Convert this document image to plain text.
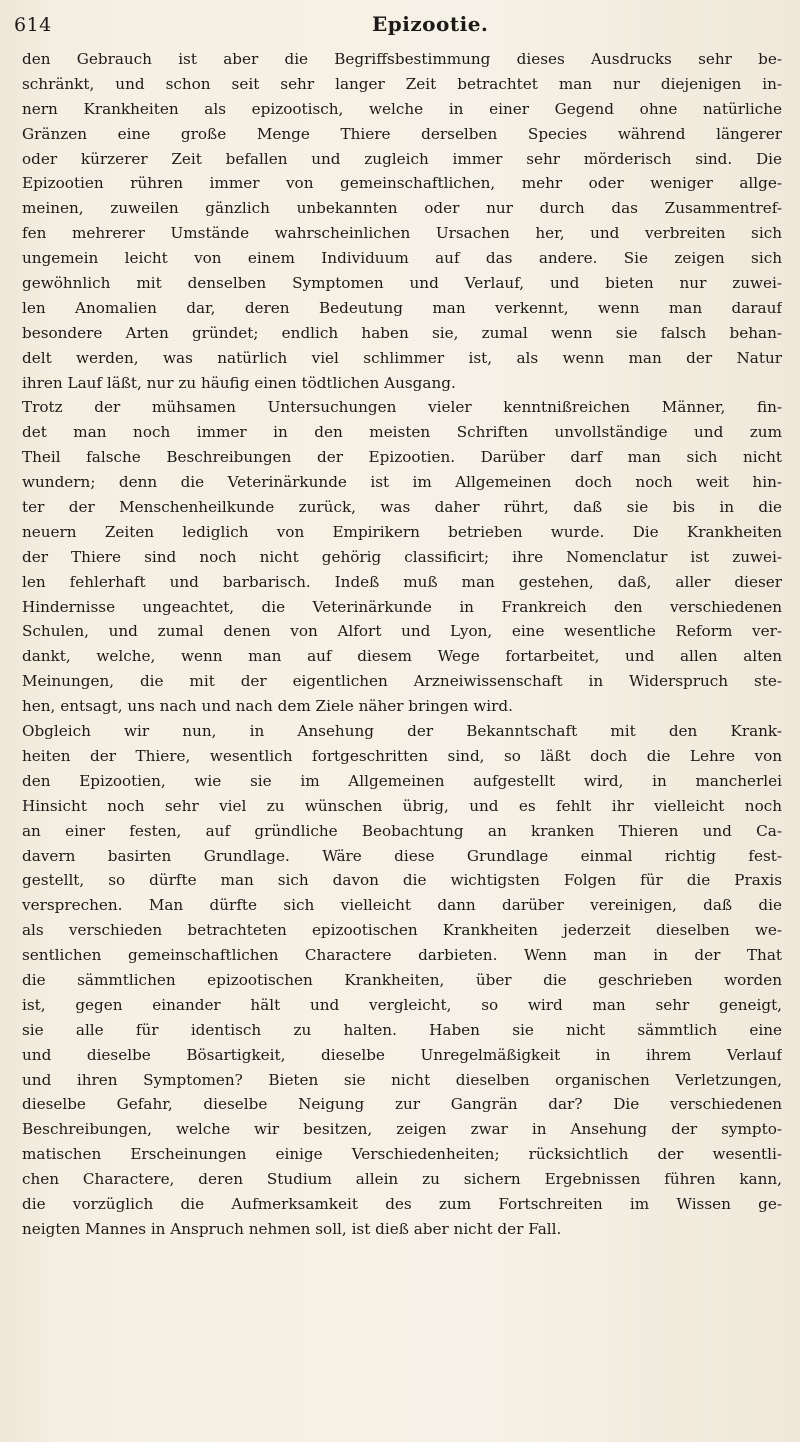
614	Epizootie.
den Gebrauch ist aber die Begriffsbestimmung dieses Ausdrucks sehr be-
schränkt, und schon seit sehr langer Zeit betrachtet man nur diejenigen in-
nern Krankheiten als epizootisch, welche in einer Gegend ohne natürliche
Gränzen eine große Menge Thiere derselben Species während längerer
oder kürzerer Zeit befallen und zugleich immer sehr mörderisch sind. Die
Epizootien rühren immer von gemeinschaftlichen, mehr oder weniger allge-
meinen, zuweilen gänzlich unbekannten oder nur durch das Zusammentref-
fen mehrerer Umstände wahrscheinlichen Ursachen her, und verbreiten sich
ungemein leicht von einem Individuum auf das andere. Sie zeigen sich
gewöhnlich mit denselben Symptomen und Verlauf, und bieten nur zuwei-
len Anomalien dar, deren Bedeutung man verkennt, wenn man darauf
besondere Arten gründet; endlich haben sie, zumal wenn sie falsch behan-
delt werden, was natürlich viel schlimmer ist, als wenn man der Natur
ihren Lauf läßt, nur zu häufig einen tödtlichen Ausgang.
Trotz der mühsamen Untersuchungen vieler kenntnißreichen Männer, fin-
det man noch immer in den meisten Schriften unvollständige und zum
Theil falsche Beschreibungen der Epizootien. Darüber darf man sich nicht
wundern; denn die Veterinärkunde ist im Allgemeinen doch noch weit hin-
ter der Menschenheilkunde zurück, was daher rührt, daß sie bis in die
neuern Zeiten lediglich von Empirikern betrieben wurde. Die Krankheiten
der Thiere sind noch nicht gehörig classificirt; ihre Nomenclatur ist zuwei-
len fehlerhaft und barbarisch. Indeß muß man gestehen, daß, aller dieser
Hindernisse ungeachtet, die Veterinärkunde in Frankreich den verschiedenen
Schulen, und zumal denen von Alfort und Lyon, eine wesentliche Reform ver-
dankt, welche, wenn man auf diesem Wege fortarbeitet, und allen alten
Meinungen, die mit der eigentlichen Arzneiwissenschaft in Widerspruch ste-
hen, entsagt, uns nach und nach dem Ziele näher bringen wird.
Obgleich wir nun, in Ansehung der Bekanntschaft mit den Krank-
heiten der Thiere, wesentlich fortgeschritten sind, so läßt doch die Lehre von
den Epizootien, wie sie im Allgemeinen aufgestellt wird, in mancherlei
Hinsicht noch sehr viel zu wünschen übrig, und es fehlt ihr vielleicht noch
an einer festen, auf gründliche Beobachtung an kranken Thieren und Ca-
davern basirten Grundlage. Wäre diese Grundlage einmal richtig fest-
gestellt, so dürfte man sich davon die wichtigsten Folgen für die Praxis
versprechen. Man dürfte sich vielleicht dann darüber vereinigen, daß die
als verschieden betrachteten epizootischen Krankheiten jederzeit dieselben we-
sentlichen gemeinschaftlichen Charactere darbieten. Wenn man in der That
die sämmtlichen epizootischen Krankheiten, über die geschrieben worden
ist, gegen einander hält und vergleicht, so wird man sehr geneigt,
sie alle für identisch zu halten. Haben sie nicht sämmtlich eine
und dieselbe Bösartigkeit, dieselbe Unregelmäßigkeit in ihrem Verlauf
und ihren Symptomen? Bieten sie nicht dieselben organischen Verletzungen,
dieselbe Gefahr, dieselbe Neigung zur Gangrän dar? Die verschiedenen
Beschreibungen, welche wir besitzen, zeigen zwar in Ansehung der sympto-
matischen Erscheinungen einige Verschiedenheiten; rücksichtlich der wesentli-
chen Charactere, deren Studium allein zu sichern Ergebnissen führen kann,
die vorzüglich die Aufmerksamkeit des zum Fortschreiten im Wissen ge-
neigten Mannes in Anspruch nehmen soll, ist dieß aber nicht der Fall.
